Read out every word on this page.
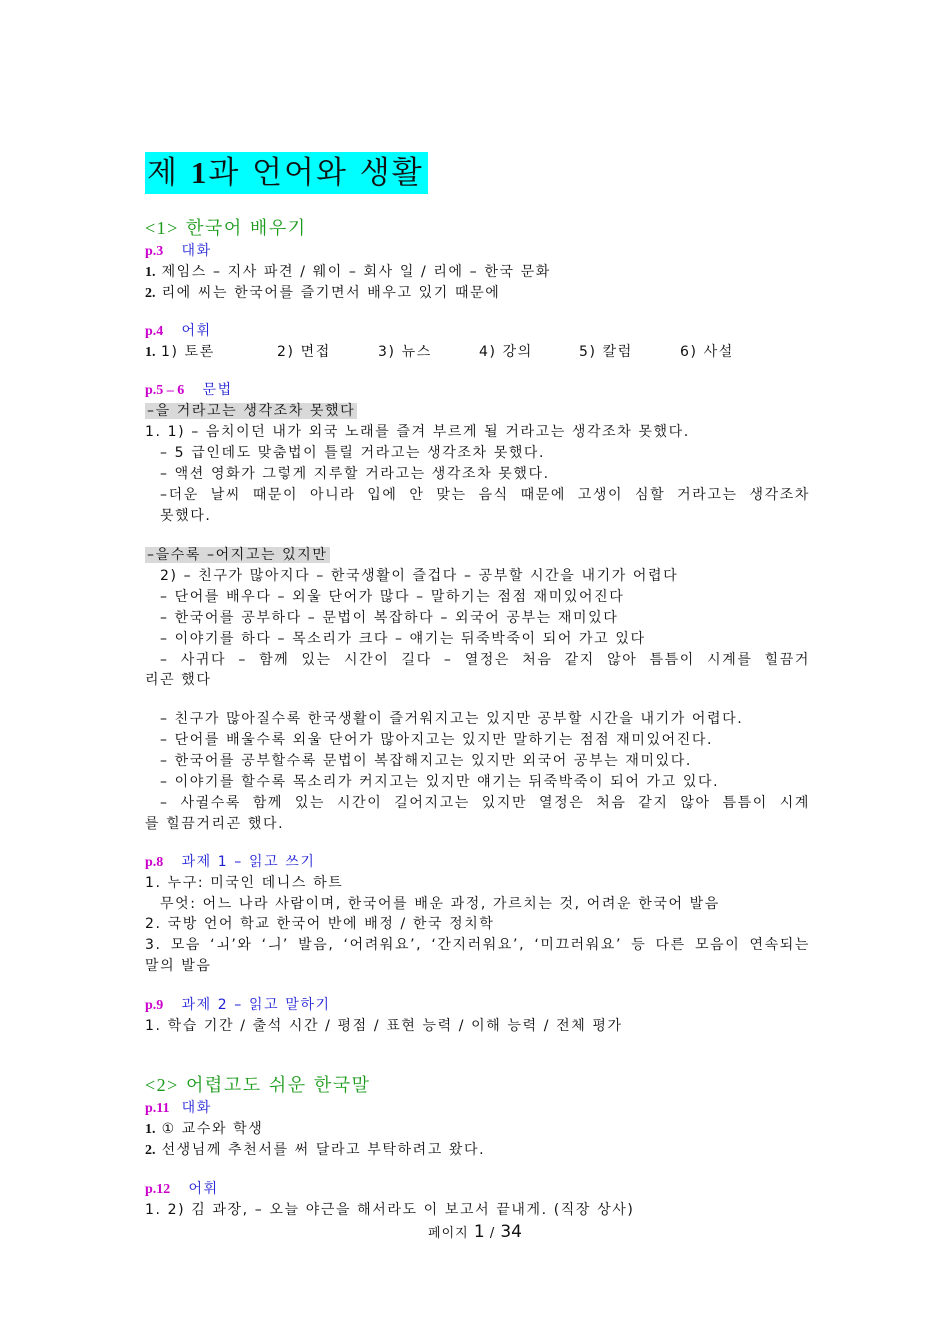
제 1과 언어와 생활
<1> 한국어 배우기
p.3 대화
1. 제임스 – 지사 파견 / 웨이 – 회사 일 / 리에 – 한국 문화
2. 리에 씨는 한국어를 즐기면서 배우고 있기 때문에
p.4 어휘
1. 1) 토론	2) 면접	3) 뉴스	4) 강의	5) 칼럼	6) 사설
p.5 – 6 문법
–을 거라고는 생각조차 못했다
1. 1) – 음치이던 내가 외국 노래를 즐겨 부르게 될 거라고는 생각조차 못했다.
– 5 급인데도 맞춤법이 틀릴 거라고는 생각조차 못했다.
– 액션 영화가 그렇게 지루할 거라고는 생각조차 못했다.
–더운 날씨 때문이 아니라 입에 안 맞는 음식 때문에 고생이 심할 거라고는 생각조차
못했다.
–을수록 –어지고는 있지만
2) – 친구가 많아지다 – 한국생활이 즐겁다 – 공부할 시간을 내기가 어렵다
– 단어를 배우다 – 외울 단어가 많다 – 말하기는 점점 재미있어진다
– 한국어를 공부하다 – 문법이 복잡하다 – 외국어 공부는 재미있다
– 이야기를 하다 – 목소리가 크다 – 얘기는 뒤죽박죽이 되어 가고 있다
– 사귀다 – 함께 있는 시간이 길다 – 열정은 처음 같지 않아 틈틈이 시계를 힐끔거
리곤 했다
– 친구가 많아질수록 한국생활이 즐거워지고는 있지만 공부할 시간을 내기가 어렵다.
– 단어를 배울수록 외울 단어가 많아지고는 있지만 말하기는 점점 재미있어진다.
– 한국어를 공부할수록 문법이 복잡해지고는 있지만 외국어 공부는 재미있다.
– 이야기를 할수록 목소리가 커지고는 있지만 얘기는 뒤죽박죽이 되어 가고 있다.
– 사귈수록 함께 있는 시간이 길어지고는 있지만 열정은 처음 같지 않아 틈틈이 시계
를 힐끔거리곤 했다.
p.8 과제 1 – 읽고 쓰기
1. 누구: 미국인 데니스 하트
무엇: 어느 나라 사람이며, 한국어를 배운 과정, 가르치는 것, 어려운 한국어 발음
2. 국방 언어 학교 한국어 반에 배정 / 한국 정치학
3. 모음 ‘ㅚ’와 ‘ㅢ’ 발음, ‘어려워요’, ‘간지러워요’, ‘미끄러워요’ 등 다른 모음이 연속되는
말의 발음
p.9 과제 2 – 읽고 말하기
1. 학습 기간 / 출석 시간 / 평점 / 표현 능력 / 이해 능력 / 전체 평가
<2> 어렵고도 쉬운 한국말
p.11 대화
1. ① 교수와 학생
2. 선생님께 추천서를 써 달라고 부탁하려고 왔다.
p.12 어휘
1. 2) 김 과장, – 오늘 야근을 해서라도 이 보고서 끝내게. (직장 상사)
페이지 1 / 34
